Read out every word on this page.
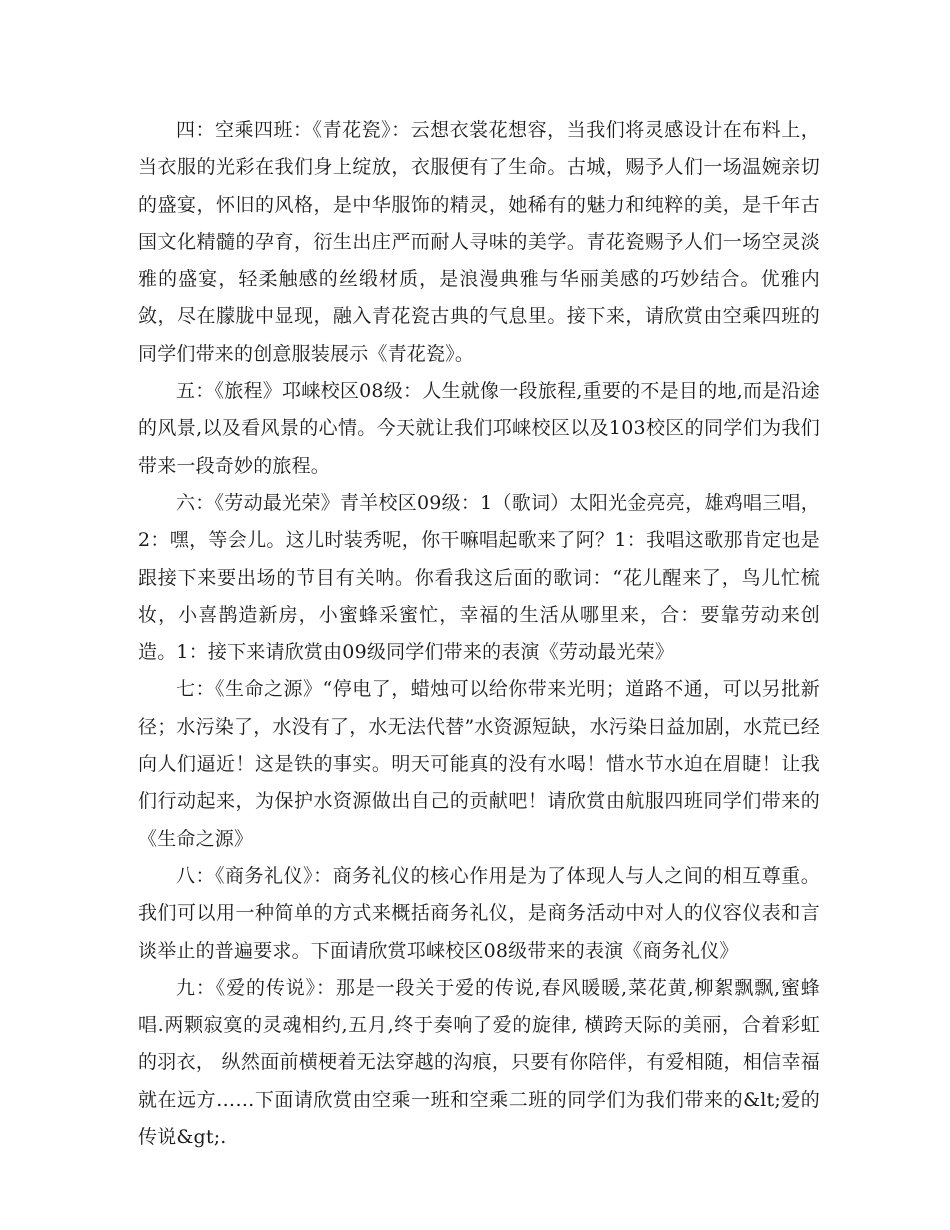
四：空乘四班：《青花瓷》：云想衣裳花想容，当我们将灵感设计在布料上，当衣服的光彩在我们身上绽放，衣服便有了生命。古城，赐予人们一场温婉亲切的盛宴，怀旧的风格，是中华服饰的精灵，她稀有的魅力和纯粹的美，是千年古国文化精髓的孕育，衍生出庄严而耐人寻味的美学。青花瓷赐予人们一场空灵淡雅的盛宴，轻柔触感的丝缎材质，是浪漫典雅与华丽美感的巧妙结合。优雅内敛，尽在朦胧中显现，融入青花瓷古典的气息里。接下来，请欣赏由空乘四班的同学们带来的创意服装展示《青花瓷》。

五：《旅程》邛崃校区08级：人生就像一段旅程,重要的不是目的地,而是沿途的风景,以及看风景的心情。今天就让我们邛崃校区以及103校区的同学们为我们带来一段奇妙的旅程。

六：《劳动最光荣》青羊校区09级：1（歌词）太阳光金亮亮，雄鸡唱三唱，2：嘿，等会儿。这儿时装秀呢，你干嘛唱起歌来了阿？1：我唱这歌那肯定也是跟接下来要出场的节目有关呐。你看我这后面的歌词：“花儿醒来了，鸟儿忙梳妆，小喜鹊造新房，小蜜蜂采蜜忙，幸福的生活从哪里来，合：要靠劳动来创造。1：接下来请欣赏由09级同学们带来的表演《劳动最光荣》

七：《生命之源》“停电了，蜡烛可以给你带来光明；道路不通，可以另批新径；水污染了，水没有了，水无法代替”水资源短缺，水污染日益加剧，水荒已经向人们逼近！这是铁的事实。明天可能真的没有水喝！惜水节水迫在眉睫！让我们行动起来，为保护水资源做出自己的贡献吧！请欣赏由航服四班同学们带来的《生命之源》

八：《商务礼仪》：商务礼仪的核心作用是为了体现人与人之间的相互尊重。我们可以用一种简单的方式来概括商务礼仪，是商务活动中对人的仪容仪表和言谈举止的普遍要求。下面请欣赏邛崃校区08级带来的表演《商务礼仪》

九：《爱的传说》：那是一段关于爱的传说,春风暖暖,菜花黄,柳絮飘飘,蜜蜂唱.两颗寂寞的灵魂相约,五月,终于奏响了爱的旋律, 横跨天际的美丽，合着彩虹的羽衣， 纵然面前横梗着无法穿越的沟痕，只要有你陪伴，有爱相随，相信幸福就在远方……下面请欣赏由空乘一班和空乘二班的同学们为我们带来的&lt;爱的传说&gt;.
